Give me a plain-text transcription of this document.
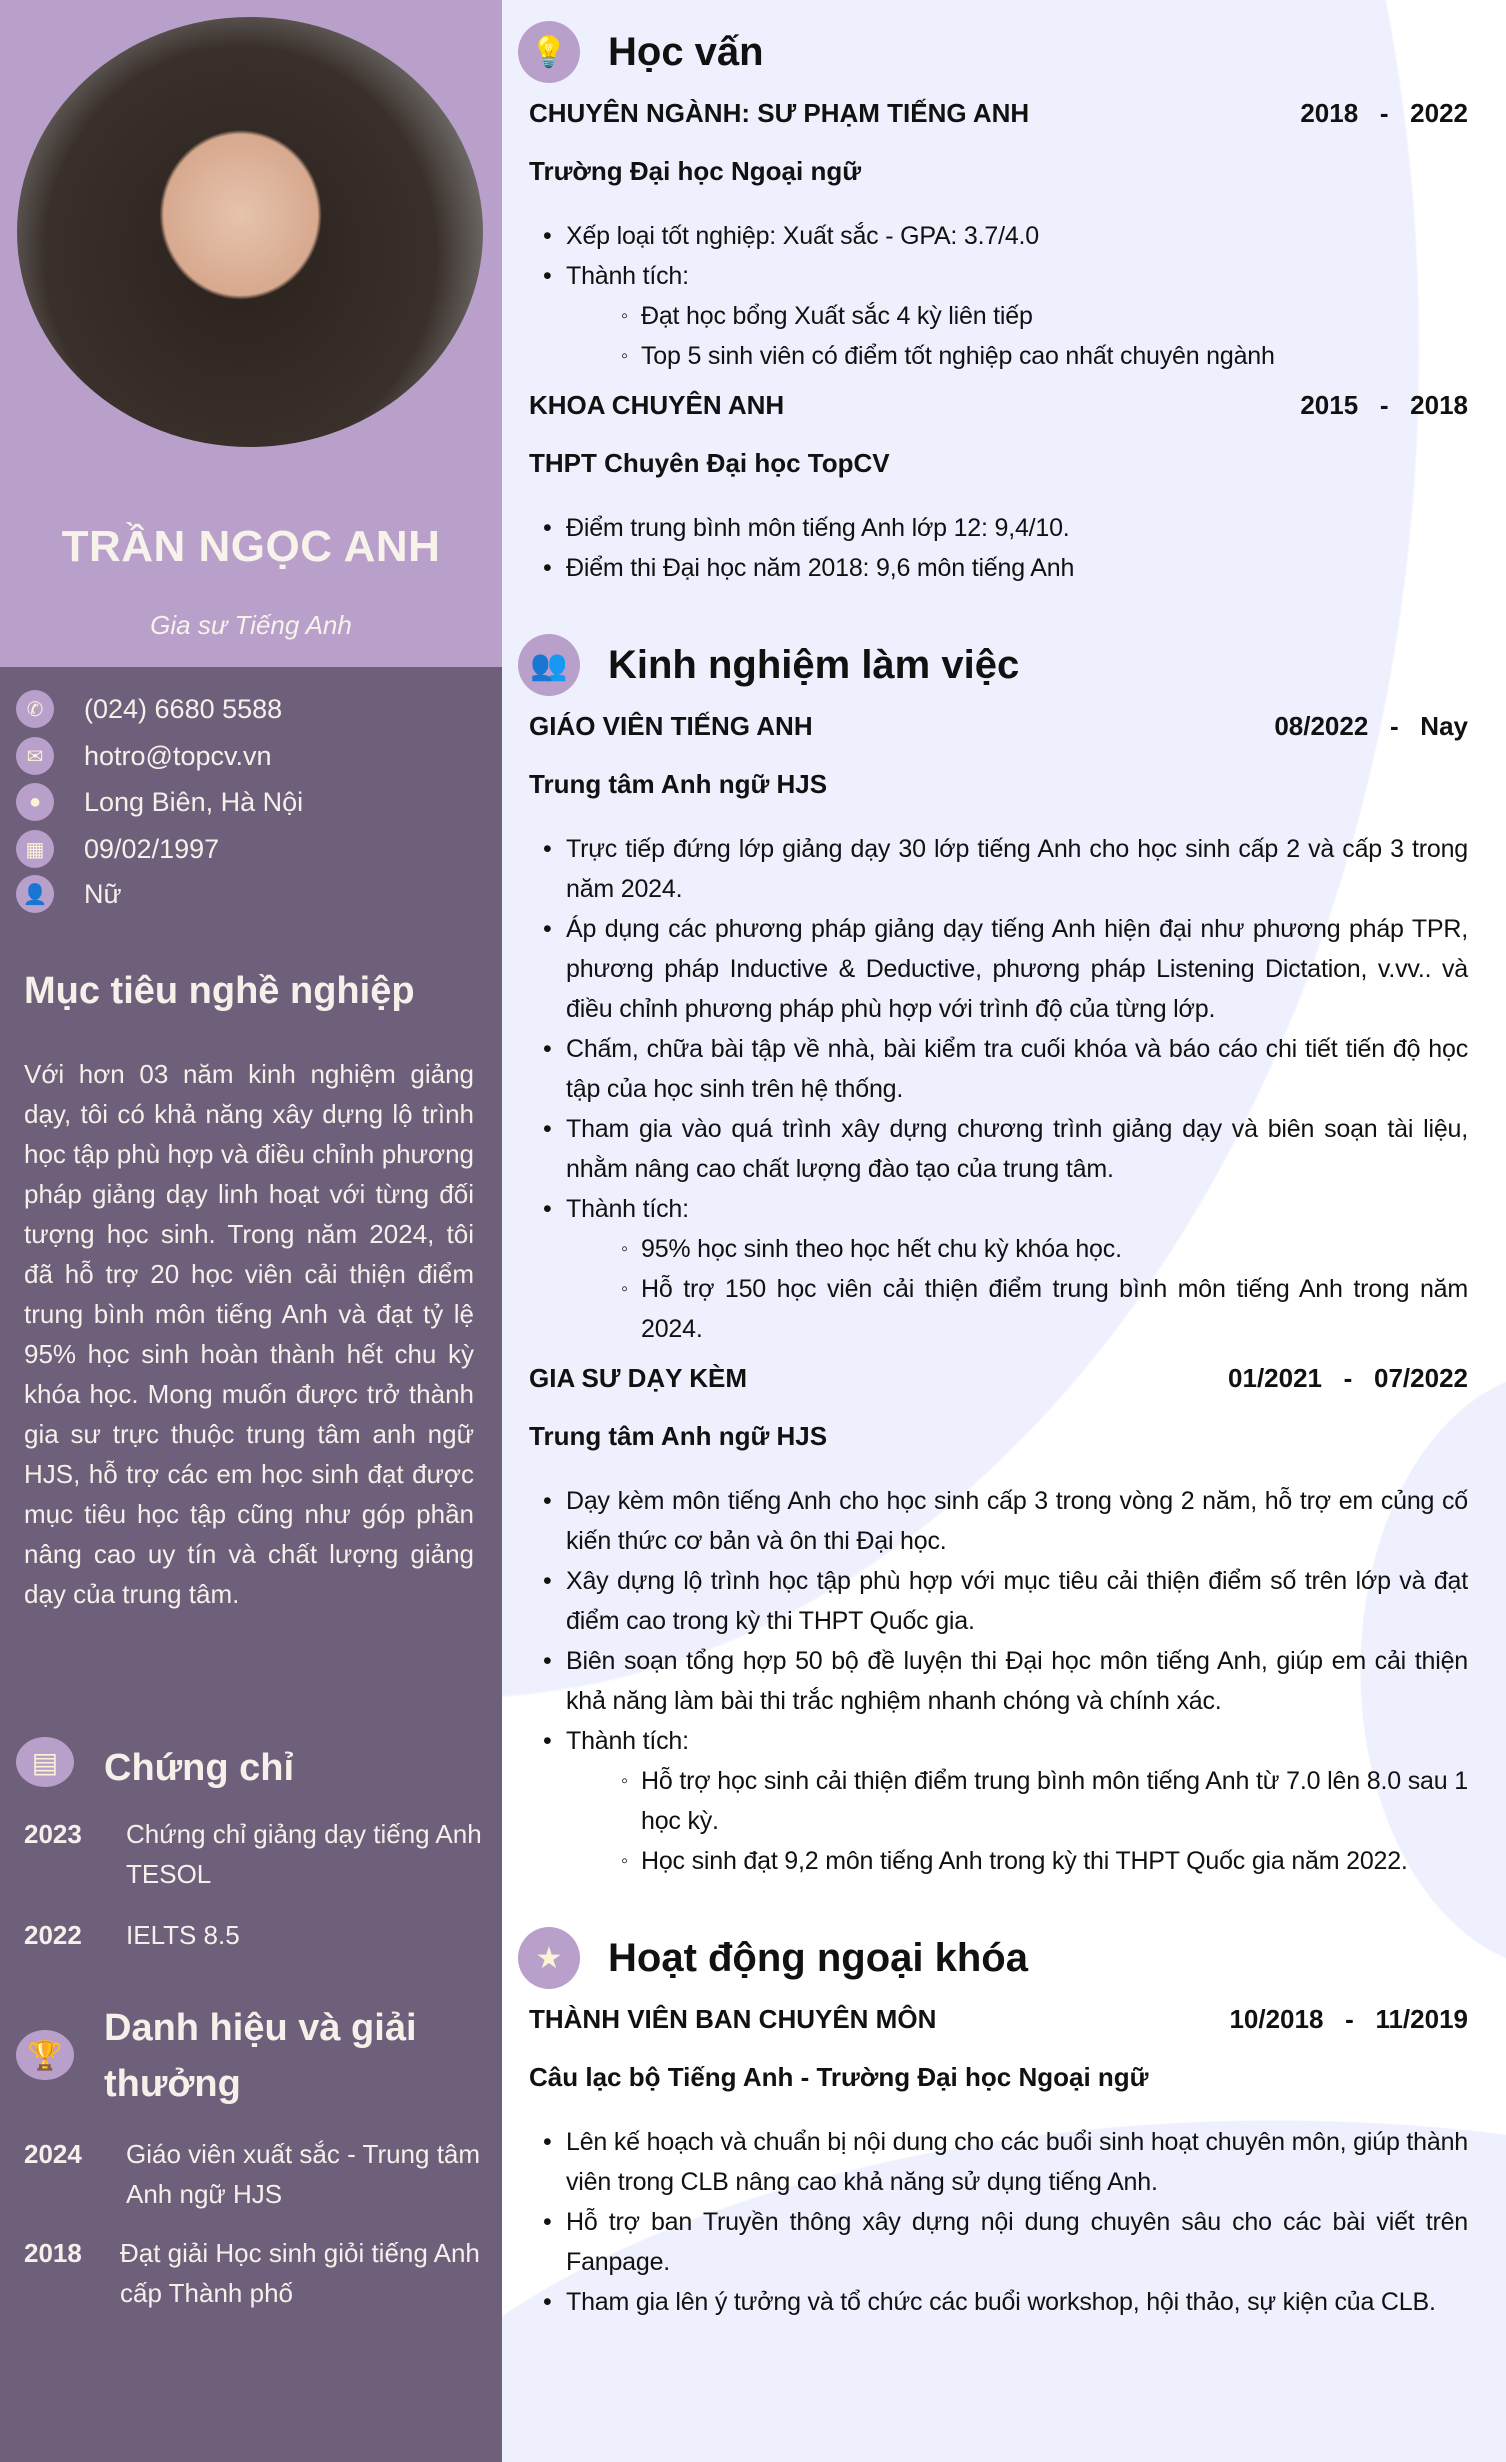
TRẦN NGỌC ANH
Gia sư Tiếng Anh
✆	(024) 6680 5588
✉	hotro@topcv.vn
●	Long Biên, Hà Nội
▦	09/02/1997
👤 Nữ
Mục tiêu nghề nghiệp
Với hơn 03 năm kinh nghiệm giảng dạy, tôi có khả năng xây dựng lộ trình học tập phù hợp và điều chỉnh phương pháp giảng dạy linh hoạt với từng đối tượng học sinh. Trong năm 2024, tôi đã hỗ trợ 20 học viên cải thiện điểm trung bình môn tiếng Anh và đạt tỷ lệ 95% học sinh hoàn thành hết chu kỳ khóa học. Mong muốn được trở thành gia sư trực thuộc trung tâm anh ngữ HJS, hỗ trợ các em học sinh đạt được mục tiêu học tập cũng như góp phần nâng cao uy tín và chất lượng giảng dạy của trung tâm.
▤	Chứng chỉ
2023	Chứng chỉ giảng dạy tiếng Anh TESOL
2022	IELTS 8.5
🏆
Danh hiệu và giải thưởng
2024	Giáo viên xuất sắc - Trung tâm Anh ngữ HJS
2018	Đạt giải Học sinh giỏi tiếng Anh cấp Thành phố
💡	Học vấn
CHUYÊN NGÀNH: SƯ PHẠM TIẾNG ANH	2018   -   2022
Trường Đại học Ngoại ngữ
• Xếp loại tốt nghiệp: Xuất sắc - GPA: 3.7/4.0
• Thành tích:
◦ Đạt học bổng Xuất sắc 4 kỳ liên tiếp
◦ Top 5 sinh viên có điểm tốt nghiệp cao nhất chuyên ngành
KHOA CHUYÊN ANH	2015   -   2018
THPT Chuyên Đại học TopCV
• Điểm trung bình môn tiếng Anh lớp 12: 9,4/10.
• Điểm thi Đại học năm 2018: 9,6 môn tiếng Anh
👥	Kinh nghiệm làm việc
GIÁO VIÊN TIẾNG ANH	08/2022   -   Nay
Trung tâm Anh ngữ HJS
• Trực tiếp đứng lớp giảng dạy 30 lớp tiếng Anh cho học sinh cấp 2 và cấp 3 trong năm 2024.
• Áp dụng các phương pháp giảng dạy tiếng Anh hiện đại như phương pháp TPR, phương pháp Inductive & Deductive, phương pháp Listening Dictation, v.vv.. và điều chỉnh phương pháp phù hợp với trình độ của từng lớp.
• Chấm, chữa bài tập về nhà, bài kiểm tra cuối khóa và báo cáo chi tiết tiến độ học tập của học sinh trên hệ thống.
• Tham gia vào quá trình xây dựng chương trình giảng dạy và biên soạn tài liệu, nhằm nâng cao chất lượng đào tạo của trung tâm.
• Thành tích:
◦ 95% học sinh theo học hết chu kỳ khóa học.
◦ Hỗ trợ 150 học viên cải thiện điểm trung bình môn tiếng Anh trong năm 2024.
GIA SƯ DẠY KÈM	01/2021   -   07/2022
Trung tâm Anh ngữ HJS
• Dạy kèm môn tiếng Anh cho học sinh cấp 3 trong vòng 2 năm, hỗ trợ em củng cố kiến thức cơ bản và ôn thi Đại học.
• Xây dựng lộ trình học tập phù hợp với mục tiêu cải thiện điểm số trên lớp và đạt điểm cao trong kỳ thi THPT Quốc gia.
• Biên soạn tổng hợp 50 bộ đề luyện thi Đại học môn tiếng Anh, giúp em cải thiện khả năng làm bài thi trắc nghiệm nhanh chóng và chính xác.
• Thành tích:
◦ Hỗ trợ học sinh cải thiện điểm trung bình môn tiếng Anh từ 7.0 lên 8.0 sau 1 học kỳ.
◦ Học sinh đạt 9,2 môn tiếng Anh trong kỳ thi THPT Quốc gia năm 2022.
★	Hoạt động ngoại khóa
THÀNH VIÊN BAN CHUYÊN MÔN	10/2018   -   11/2019
Câu lạc bộ Tiếng Anh - Trường Đại học Ngoại ngữ
• Lên kế hoạch và chuẩn bị nội dung cho các buổi sinh hoạt chuyên môn, giúp thành viên trong CLB nâng cao khả năng sử dụng tiếng Anh.
• Hỗ trợ ban Truyền thông xây dựng nội dung chuyên sâu cho các bài viết trên Fanpage.
• Tham gia lên ý tưởng và tổ chức các buổi workshop, hội thảo, sự kiện của CLB.
